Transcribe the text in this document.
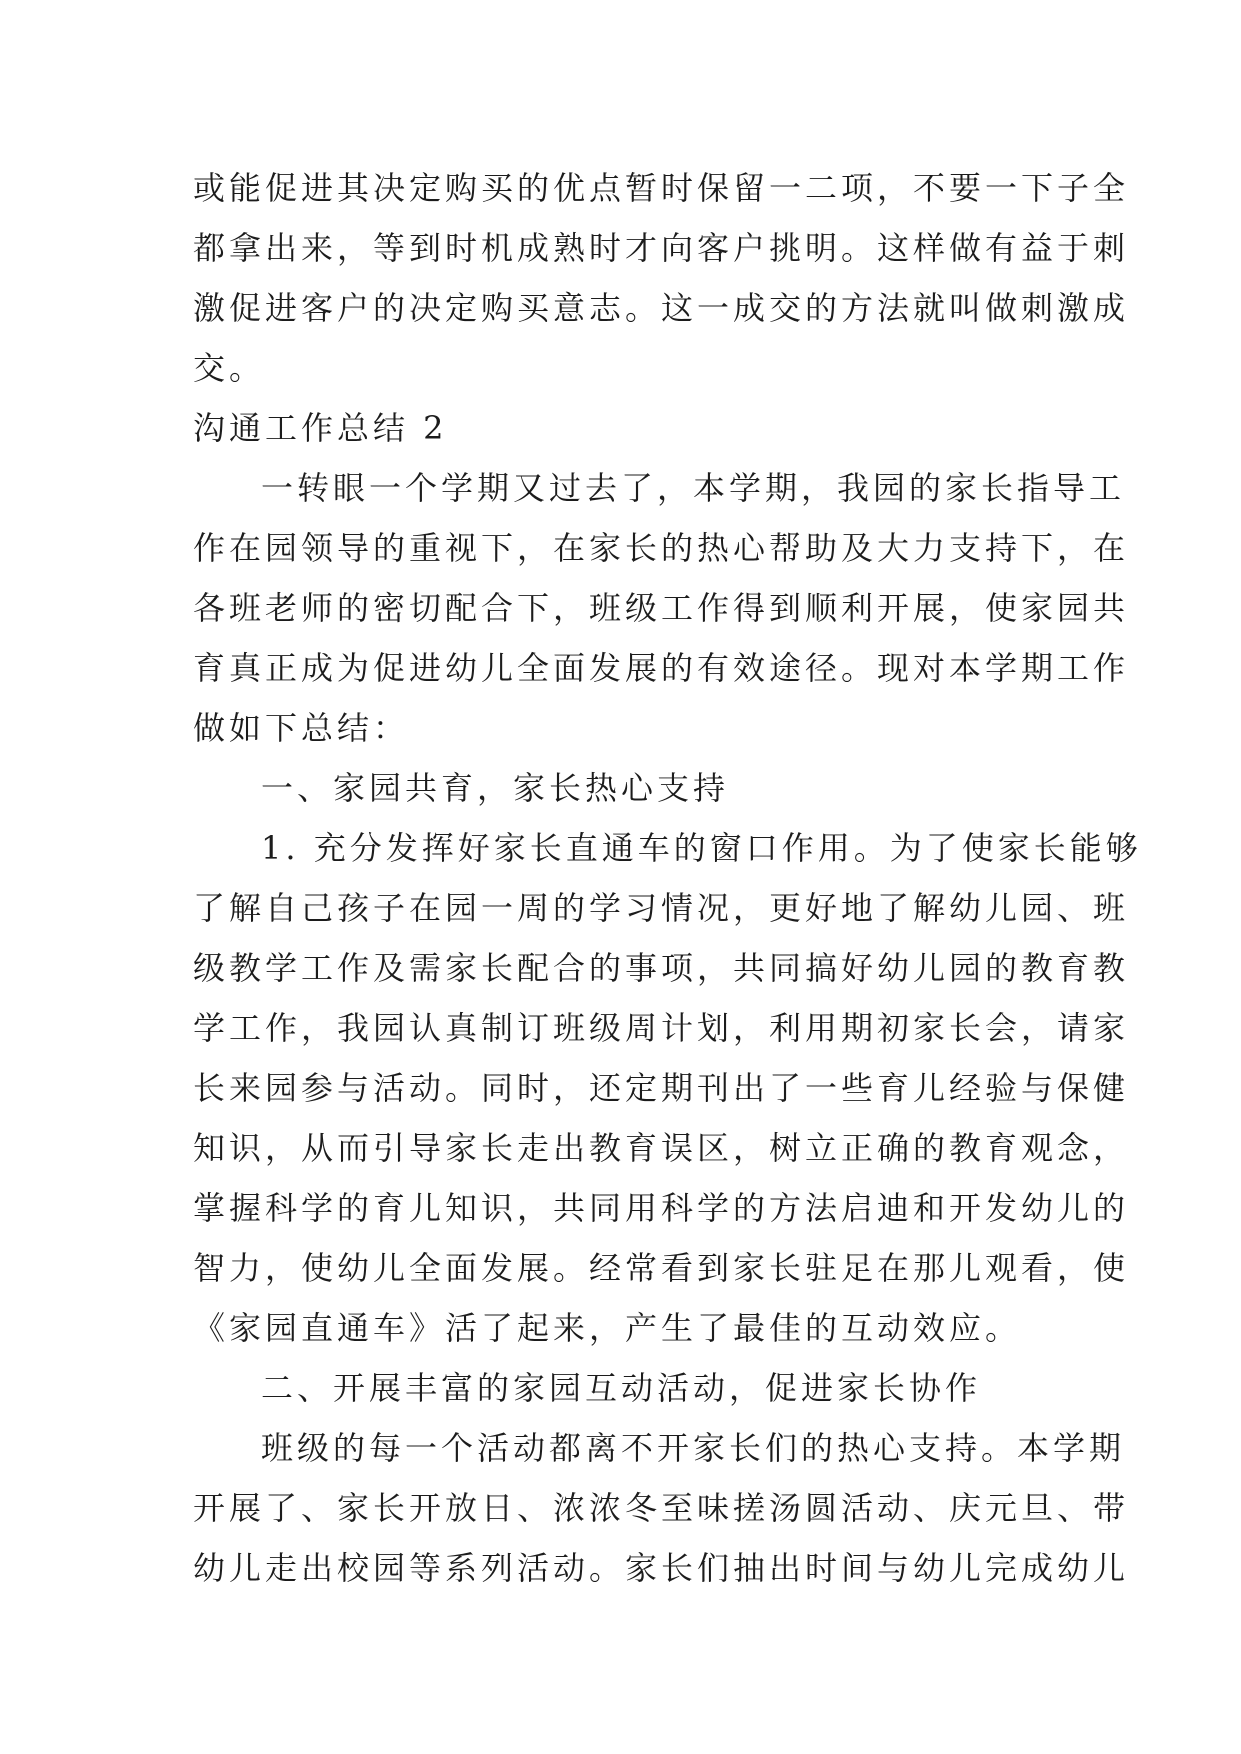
或能促进其决定购买的优点暂时保留一二项，不要一下子全
都拿出来，等到时机成熟时才向客户挑明。这样做有益于刺
激促进客户的决定购买意志。这一成交的方法就叫做刺激成
交。
沟通工作总结 2
一转眼一个学期又过去了，本学期，我园的家长指导工
作在园领导的重视下，在家长的热心帮助及大力支持下，在
各班老师的密切配合下，班级工作得到顺利开展，使家园共
育真正成为促进幼儿全面发展的有效途径。现对本学期工作
做如下总结：
一、家园共育，家长热心支持
1. 充分发挥好家长直通车的窗口作用。为了使家长能够
了解自己孩子在园一周的学习情况，更好地了解幼儿园、班
级教学工作及需家长配合的事项，共同搞好幼儿园的教育教
学工作，我园认真制订班级周计划，利用期初家长会，请家
长来园参与活动。同时，还定期刊出了一些育儿经验与保健
知识，从而引导家长走出教育误区，树立正确的教育观念，
掌握科学的育儿知识，共同用科学的方法启迪和开发幼儿的
智力，使幼儿全面发展。经常看到家长驻足在那儿观看，使
《家园直通车》活了起来，产生了最佳的互动效应。
二、开展丰富的家园互动活动，促进家长协作
班级的每一个活动都离不开家长们的热心支持。本学期
开展了、家长开放日、浓浓冬至味搓汤圆活动、庆元旦、带
幼儿走出校园等系列活动。家长们抽出时间与幼儿完成幼儿
